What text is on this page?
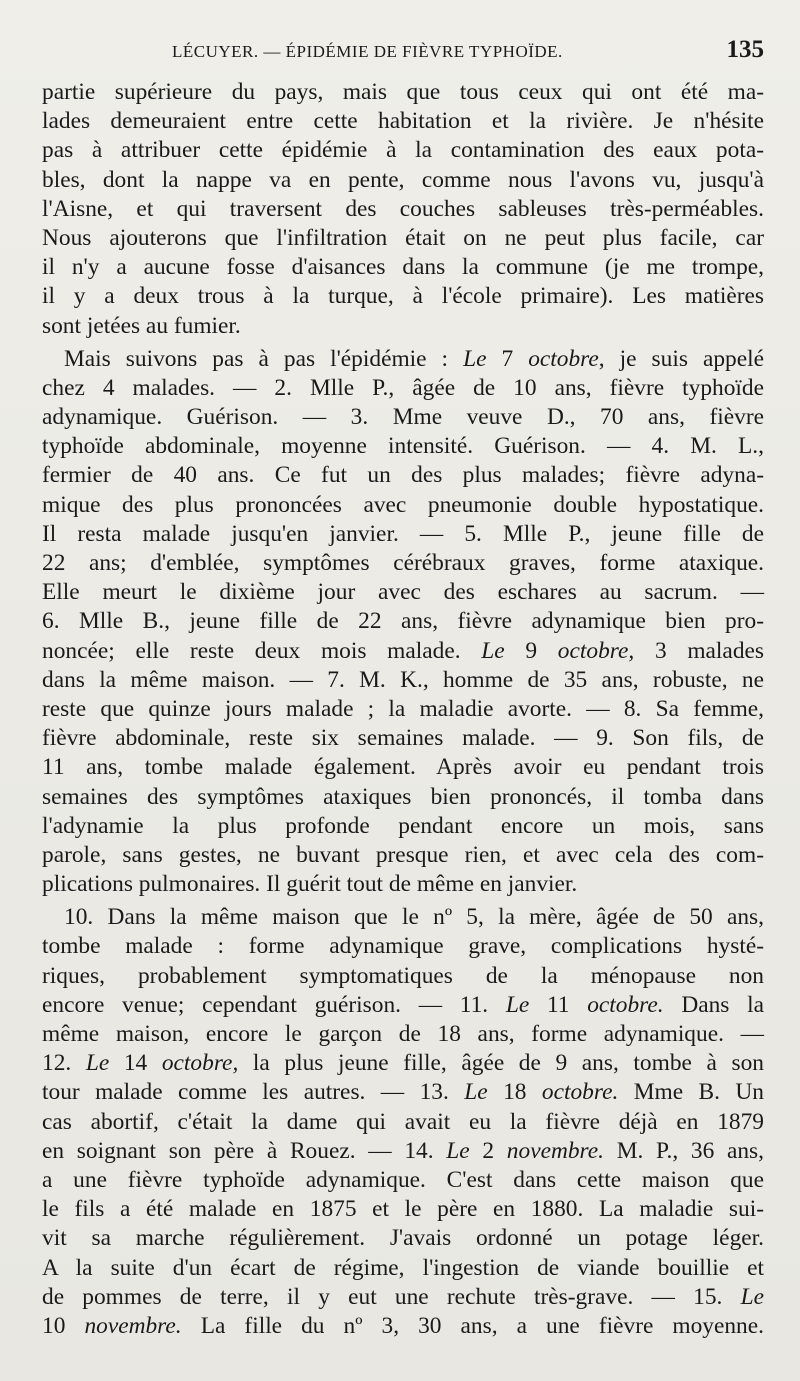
LÉCUYER. — ÉPIDÉMIE DE FIÈVRE TYPHOÏDE.	135
partie supérieure du pays, mais que tous ceux qui ont été ma-
lades demeuraient entre cette habitation et la rivière. Je n'hésite
pas à attribuer cette épidémie à la contamination des eaux pota-
bles, dont la nappe va en pente, comme nous l'avons vu, jusqu'à
l'Aisne, et qui traversent des couches sableuses très-perméables.
Nous ajouterons que l'infiltration était on ne peut plus facile, car
il n'y a aucune fosse d'aisances dans la commune (je me trompe,
il y a deux trous à la turque, à l'école primaire). Les matières
sont jetées au fumier.
Mais suivons pas à pas l'épidémie : Le 7 octobre, je suis appelé
chez 4 malades. — 2. Mlle P., âgée de 10 ans, fièvre typhoïde
adynamique. Guérison. — 3. Mme veuve D., 70 ans, fièvre
typhoïde abdominale, moyenne intensité. Guérison. — 4. M. L.,
fermier de 40 ans. Ce fut un des plus malades; fièvre adyna-
mique des plus prononcées avec pneumonie double hypostatique.
Il resta malade jusqu'en janvier. — 5. Mlle P., jeune fille de
22 ans; d'emblée, symptômes cérébraux graves, forme ataxique.
Elle meurt le dixième jour avec des eschares au sacrum. —
6. Mlle B., jeune fille de 22 ans, fièvre adynamique bien pro-
noncée; elle reste deux mois malade. Le 9 octobre, 3 malades
dans la même maison. — 7. M. K., homme de 35 ans, robuste, ne
reste que quinze jours malade ; la maladie avorte. — 8. Sa femme,
fièvre abdominale, reste six semaines malade. — 9. Son fils, de
11 ans, tombe malade également. Après avoir eu pendant trois
semaines des symptômes ataxiques bien prononcés, il tomba dans
l'adynamie la plus profonde pendant encore un mois, sans
parole, sans gestes, ne buvant presque rien, et avec cela des com-
plications pulmonaires. Il guérit tout de même en janvier.
10. Dans la même maison que le nº 5, la mère, âgée de 50 ans,
tombe malade : forme adynamique grave, complications hysté-
riques, probablement symptomatiques de la ménopause non
encore venue; cependant guérison. — 11. Le 11 octobre. Dans la
même maison, encore le garçon de 18 ans, forme adynamique. —
12. Le 14 octobre, la plus jeune fille, âgée de 9 ans, tombe à son
tour malade comme les autres. — 13. Le 18 octobre. Mme B. Un
cas abortif, c'était la dame qui avait eu la fièvre déjà en 1879
en soignant son père à Rouez. — 14. Le 2 novembre. M. P., 36 ans,
a une fièvre typhoïde adynamique. C'est dans cette maison que
le fils a été malade en 1875 et le père en 1880. La maladie sui-
vit sa marche régulièrement. J'avais ordonné un potage léger.
A la suite d'un écart de régime, l'ingestion de viande bouillie et
de pommes de terre, il y eut une rechute très-grave. — 15. Le
10 novembre. La fille du nº 3, 30 ans, a une fièvre moyenne.
